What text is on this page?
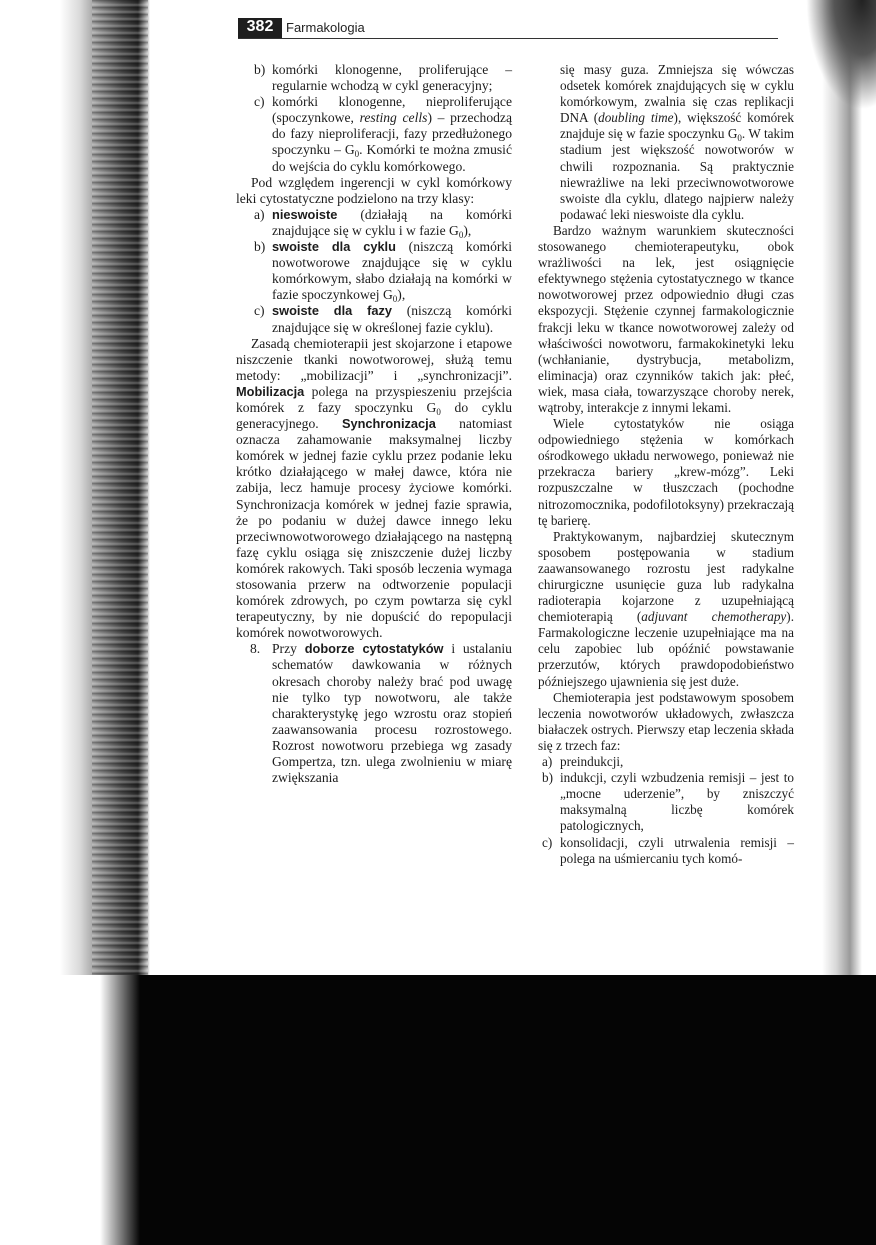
382 Farmakologia
b) komórki klonogenne, proliferujące – regularnie wchodzą w cykl generacyjny;
c) komórki klonogenne, nieproliferujące (spoczynkowe, resting cells) – przechodzą do fazy nieproliferacji, fazy przedłużonego spoczynku – $G_0$. Komórki te można zmusić do wejścia do cyklu komórkowego.

Pod względem ingerencji w cykl komórkowy leki cytostatyczne podzielono na trzy klasy:

a) nieswoiste (działają na komórki znajdujące się w cyklu i w fazie $G_0$),
b) swoiste dla cyklu (niszczą komórki nowotworowe znajdujące się w cyklu komórkowym, słabo działają na komórki w fazie spoczynkowej $G_0$),
c) swoiste dla fazy (niszczą komórki znajdujące się w określonej fazie cyklu).

Zasadą chemioterapii jest skojarzone i etapowe niszczenie tkanki nowotworowej, służą temu metody: „mobilizacji” i „synchronizacji”. Mobilizacja polega na przyspieszeniu przejścia komórek z fazy spoczynku $G_0$ do cyklu generacyjnego. Synchronizacja natomiast oznacza zahamowanie maksymalnej liczby komórek w jednej fazie cyklu przez podanie leku krótko działającego w małej dawce, która nie zabija, lecz hamuje procesy życiowe komórki. Synchronizacja komórek w jednej fazie sprawia, że po podaniu w dużej dawce innego leku przeciwnowotworowego działającego na następną fazę cyklu osiąga się zniszczenie dużej liczby komórek rakowych. Taki sposób leczenia wymaga stosowania przerw na odtworzenie populacji komórek zdrowych, po czym powtarza się cykl terapeutyczny, by nie dopuścić do repopulacji komórek nowotworowych.

8. Przy doborze cytostatyków i ustalaniu schematów dawkowania w różnych okresach choroby należy brać pod uwagę nie tylko typ nowotworu, ale także charakterystykę jego wzrostu oraz stopień zaawansowania procesu rozrostowego. Rozrost nowotworu przebiega wg zasady Gompertza, tzn. ulega zwolnieniu w miarę zwiększania

się masy guza. Zmniejsza się wówczas odsetek komórek znajdujących się w cyklu komórkowym, zwalnia się czas replikacji DNA (doubling time), większość komórek znajduje się w fazie spoczynku $G_0$. W takim stadium jest większość nowotworów w chwili rozpoznania. Są praktycznie niewrażliwe na leki przeciwnowotworowe swoiste dla cyklu, dlatego najpierw należy podawać leki nieswoiste dla cyklu.

Bardzo ważnym warunkiem skuteczności stosowanego chemioterapeutyku, obok wrażliwości na lek, jest osiągnięcie efektywnego stężenia cytostatycznego w tkance nowotworowej przez odpowiednio długi czas ekspozycji. Stężenie czynnej farmakologicznie frakcji leku w tkance nowotworowej zależy od właściwości nowotworu, farmakokinetyki leku (wchłanianie, dystrybucja, metabolizm, eliminacja) oraz czynników takich jak: płeć, wiek, masa ciała, towarzyszące choroby nerek, wątroby, interakcje z innymi lekami.

Wiele cytostatyków nie osiąga odpowiedniego stężenia w komórkach ośrodkowego układu nerwowego, ponieważ nie przekracza bariery „krew-mózg”. Leki rozpuszczalne w tłuszczach (pochodne nitrozomocznika, podofilotoksyny) przekraczają tę barierę.

Praktykowanym, najbardziej skutecznym sposobem postępowania w stadium zaawansowanego rozrostu jest radykalne chirurgiczne usunięcie guza lub radykalna radioterapia kojarzone z uzupełniającą chemioterapią (adjuvant chemotherapy). Farmakologiczne leczenie uzupełniające ma na celu zapobiec lub opóźnić powstawanie przerzutów, których prawdopodobieństwo późniejszego ujawnienia się jest duże.

Chemioterapia jest podstawowym sposobem leczenia nowotworów układowych, zwłaszcza białaczek ostrych. Pierwszy etap leczenia składa się z trzech faz:

a) preindukcji,
b) indukcji, czyli wzbudzenia remisji – jest to „mocne uderzenie”, by zniszczyć maksymalną liczbę komórek patologicznych,
c) konsolidacji, czyli utrwalenia remisji – polega na uśmiercaniu tych komó-
